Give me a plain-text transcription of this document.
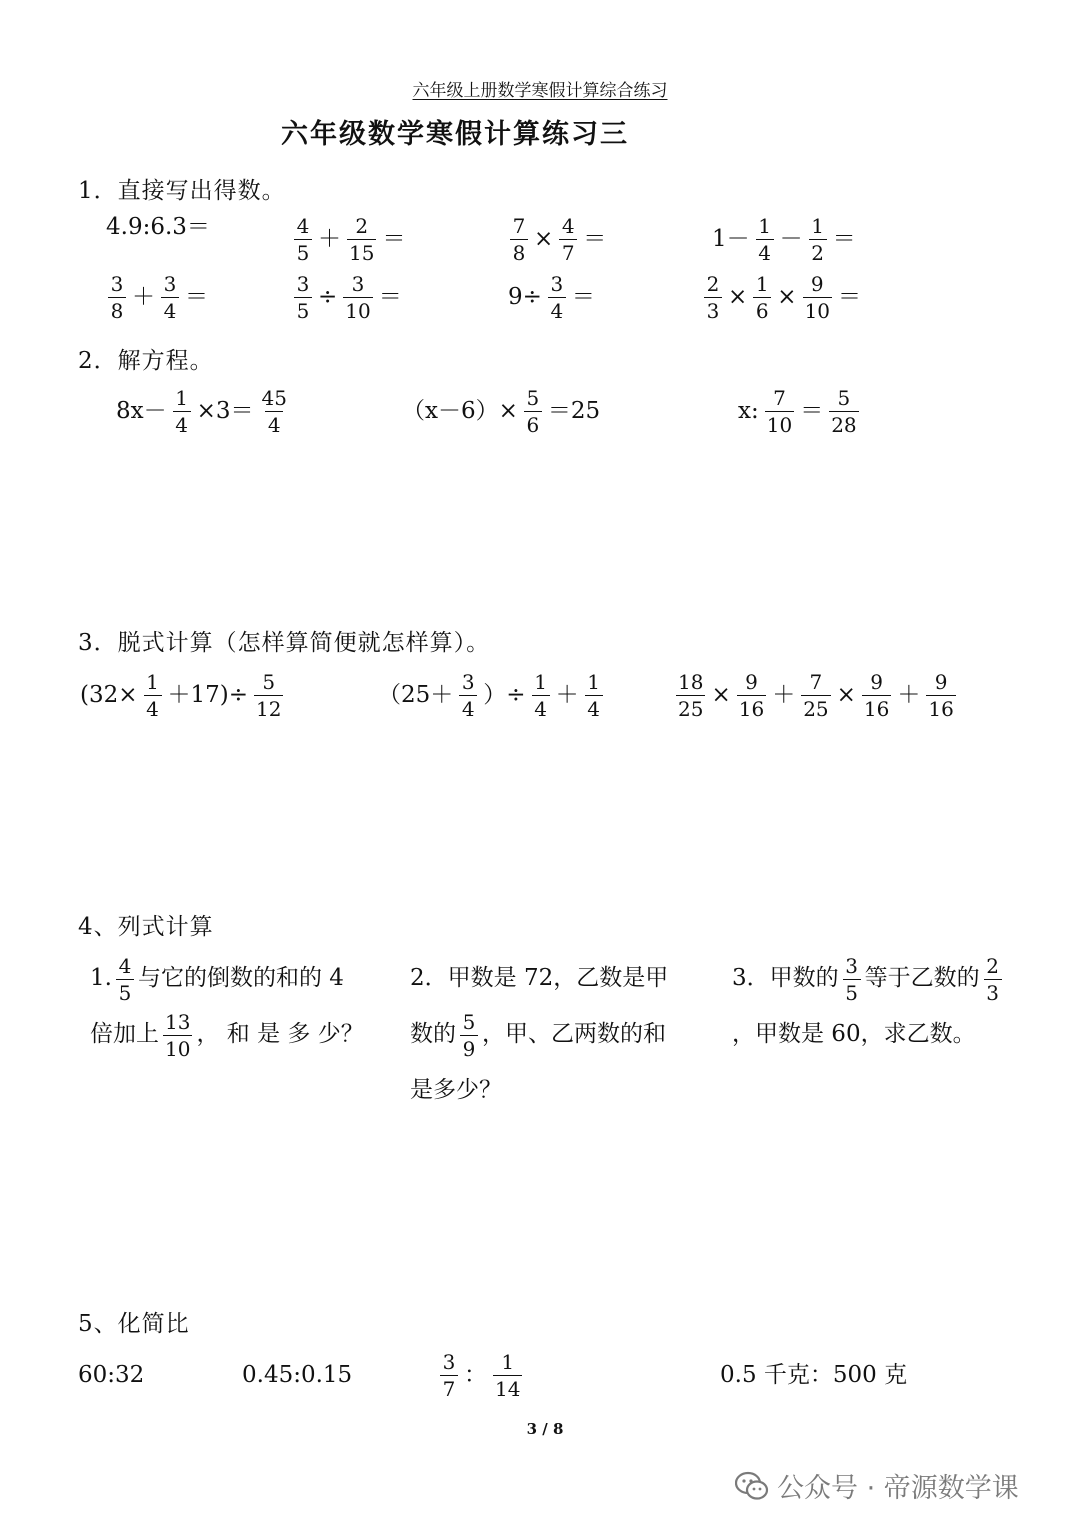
六年级上册数学寒假计算综合练习
六年级数学寒假计算练习三
1．直接写出得数。
4.9:6.3＝	$\frac{4}{5} + \frac{2}{15}$ ＝	$\frac{7}{8} \times \frac{4}{7}$ ＝	$1- \frac{1}{4} - \frac{1}{2}$ ＝
$\frac{3}{8} + \frac{3}{4}$ ＝	$\frac{3}{5} \div \frac{3}{10}$ ＝	$9\div \frac{3}{4}$ ＝	$\frac{2}{3} \times \frac{1}{6} \times \frac{9}{10}$ ＝
2．解方程。
$8x- \frac{1}{4} \times 3= \frac{45}{4}$	$(x-6)\times \frac{5}{6} =25$	x: $\frac{7}{10} = \frac{5}{28}$
3．脱式计算（怎样算简便就怎样算）。
$(32\times \frac{1}{4} +17)\div \frac{5}{12}$	（$25+ \frac{3}{4}$ ）÷ $\frac{1}{4} + \frac{1}{4}$	$\frac{18}{25} \times \frac{9}{16} + \frac{7}{25} \times \frac{9}{16} + \frac{9}{16}$
4、列式计算
1. $\frac{4}{5}$ 与它的倒数的和的 4 倍加上 $\frac{13}{10}$ ， 和 是 多 少？
2．甲数是 72，乙数是甲数的 $\frac{5}{9}$ ，甲、乙两数的和是多少？
3．甲数的 $\frac{3}{5}$ 等于乙数的 $\frac{2}{3}$
，甲数是 60，求乙数。
5、化简比
60:32	0.45:0.15	$\frac{3}{7}$ ： $\frac{1}{14}$	0.5 千克：500 克
3 / 8
公众号 · 帝源数学课
